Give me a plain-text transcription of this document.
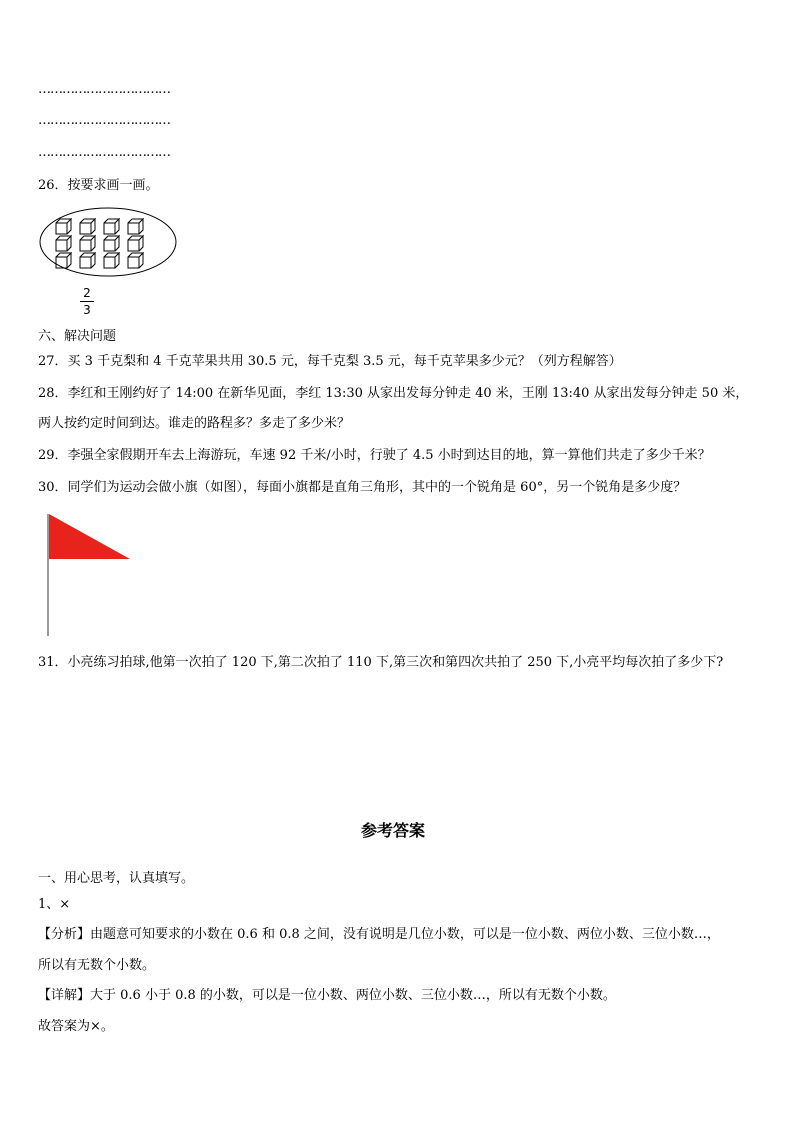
……………………………
……………………………
……………………………
26．按要求画一画。
2
3
六、解决问题
27．买 3 千克梨和 4 千克苹果共用 30.5 元，每千克梨 3.5 元，每千克苹果多少元？（列方程解答）
28．李红和王刚约好了 14:00 在新华见面，李红 13:30 从家出发每分钟走 40 米，王刚 13:40 从家出发每分钟走 50 米，
两人按约定时间到达。谁走的路程多？多走了多少米？
29．李强全家假期开车去上海游玩，车速 92 千米/小时，行驶了 4.5 小时到达目的地，算一算他们共走了多少千米？
30．同学们为运动会做小旗（如图），每面小旗都是直角三角形，其中的一个锐角是 60°，另一个锐角是多少度？
31．小亮练习拍球,他第一次拍了 120 下,第二次拍了 110 下,第三次和第四次共拍了 250 下,小亮平均每次拍了多少下?
参考答案
一、用心思考，认真填写。
1、×
【分析】由题意可知要求的小数在 0.6 和 0.8 之间，没有说明是几位小数，可以是一位小数、两位小数、三位小数…，
所以有无数个小数。
【详解】大于 0.6 小于 0.8 的小数，可以是一位小数、两位小数、三位小数…，所以有无数个小数。
故答案为×。
